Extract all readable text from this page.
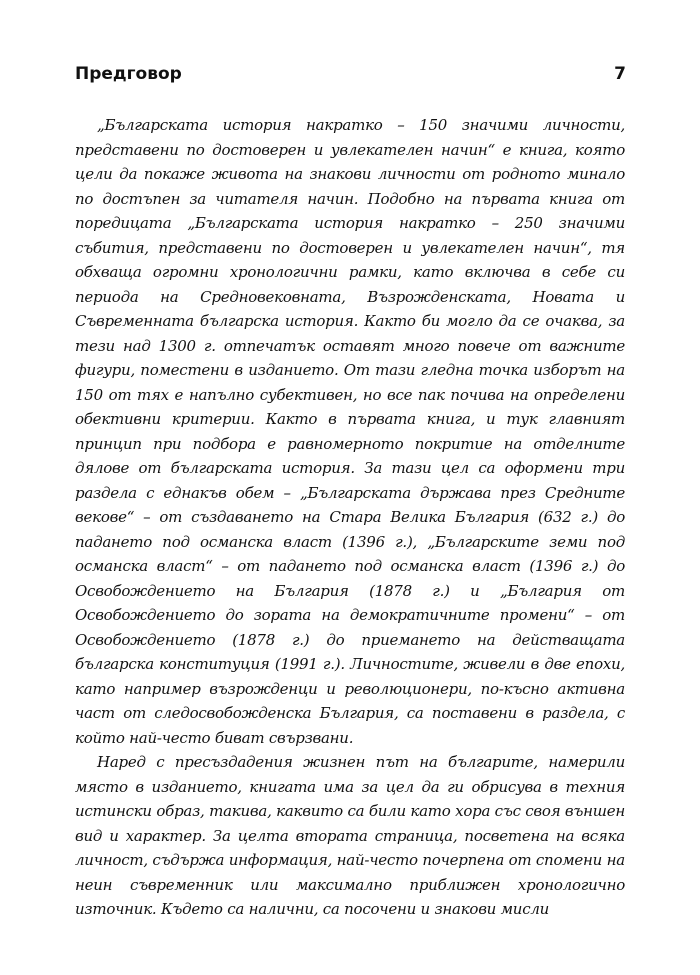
Предговор	7

„Българската история накратко – 150 значими личности, представени по достоверен и увлекателен начин“ е книга, която цели да покаже живота на знакови личности от родното минало по достъпен за читателя начин. Подобно на първата книга от поредицата „Българската история накратко – 250 значими събития, представени по достоверен и увлекателен начин“, тя обхваща огромни хронологични рамки, като включва в себе си периода на Средновековната, Възрожденската, Новата и Съвременната българска история. Както би могло да се очаква, за тези над 1300 г. отпечатък оставят много повече от важните фигури, поместени в изданието. От тази гледна точка изборът на 150 от тях е напълно субективен, но все пак почива на определени обективни критерии. Както в първата книга, и тук главният принцип при подбора е равномерното покритие на отделните дялове от българската история. За тази цел са оформени три раздела с еднакъв обем – „Българската държава през Средните векове“ – от създаването на Стара Велика България (632 г.) до падането под османска власт (1396 г.), „Българските земи под османска власт“ – от падането под османска власт (1396 г.) до Освобождението на България (1878 г.) и „България от Освобождението до зората на демократичните промени“ – от Освобождението (1878 г.) до приемането на действащата българска конституция (1991 г.). Личностите, живели в две епохи, като например възрожденци и революционери, по-късно активна част от следосвобожденска България, са поставени в раздела, с който най-често биват свързвани.

Наред с пресъздадения жизнен път на българите, намерили място в изданието, книгата има за цел да ги обрисува в техния истински образ, такива, каквито са били като хора със своя външен вид и характер. За целта втората страница, посветена на всяка личност, съдържа информация, най-често почерпена от спомени на неин съвременник или максимално приближен хронологично източник. Където са налични, са посочени и знакови мисли
